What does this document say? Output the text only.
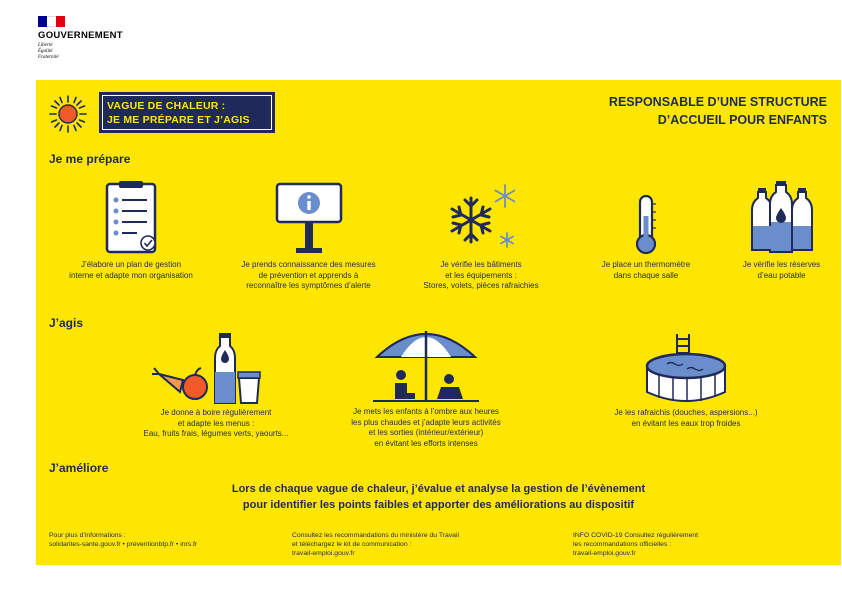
GOUVERNEMENT
Liberté
Égalité
Fraternité
VAGUE DE CHALEUR :
JE ME PRÉPARE ET J’AGIS
RESPONSABLE D’UNE STRUCTURE
D’ACCUEIL POUR ENFANTS
Je me prépare
J’élabore un plan de gestion
interne et adapte mon organisation
Je prends connaissance des mesures
de prévention et apprends à
reconnaître les symptômes d’alerte
Je vérifie les bâtiments
et les équipements :
Stores, volets, pièces rafraichies
Je place un thermomètre
dans chaque salle
Je vérifie les réserves
d’eau potable
J’agis
Je donne à boire régulièrement
et adapte les menus :
Eau, fruits frais, légumes verts, yaourts...
Je mets les enfants à l’ombre aux heures
les plus chaudes et j’adapte leurs activités
et les sorties (intérieur/extérieur)
en évitant les efforts intenses
Je les rafraichis (douches, aspersions...)
en évitant les eaux trop froides
J’améliore
Lors de chaque vague de chaleur, j’évalue et analyse la gestion de l’évènement
pour identifier les points faibles et apporter des améliorations au dispositif
Pour plus d’informations :
solidarites-sante.gouv.fr • preventionbtp.fr • inrs.fr
Consultez les recommandations du ministère du Travail
et téléchargez le kit de communication :
travail-emploi.gouv.fr
INFO COVID-19 Consultez régulièrement
les recommandations officielles :
travail-emploi.gouv.fr
